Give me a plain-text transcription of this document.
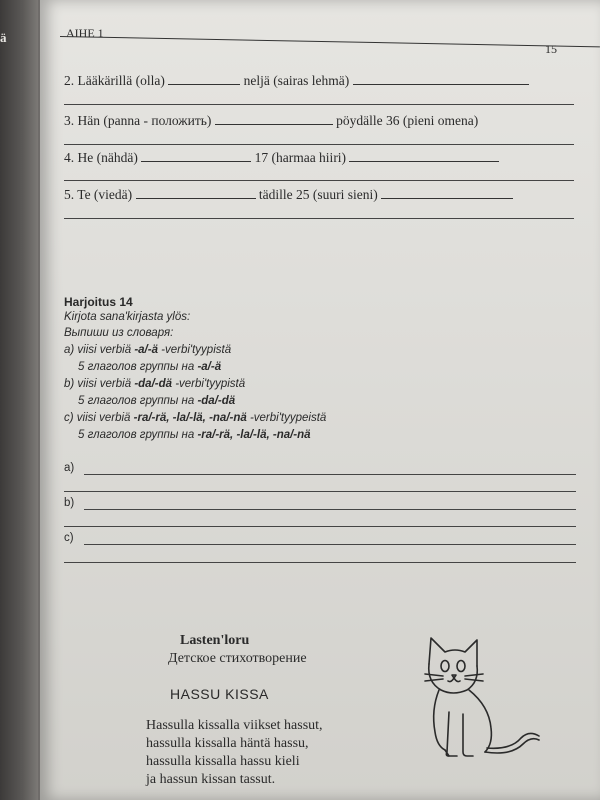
ä	AIHE 1
15
2. Lääkärillä (olla)	neljä (sairas lehmä)
3. Hän (panna - положить)	pöydälle 36 (pieni omena)
4. He (nähdä)	17 (harmaa hiiri)
5. Te (viedä)	tädille 25 (suuri sieni)
Harjoitus 14
Kirjota sana'kirjasta ylös:
Выпиши из словаря:
a) viisi verbiä -a/-ä -verbi'tyypistä
5 глаголов группы на -a/-ä
b) viisi verbiä -da/-dä -verbi'tyypistä
5 глаголов группы на -da/-dä
c) viisi verbiä -ra/-rä, -la/-lä, -na/-nä -verbi'tyypeistä
5 глаголов группы на -ra/-rä, -la/-lä, -na/-nä
a)
b)
c)
Lasten'loru
Детское стихотворение
HASSU KISSA
Hassulla kissalla viikset hassut,
hassulla kissalla häntä hassu,
hassulla kissalla hassu kieli
ja hassun kissan tassut.
